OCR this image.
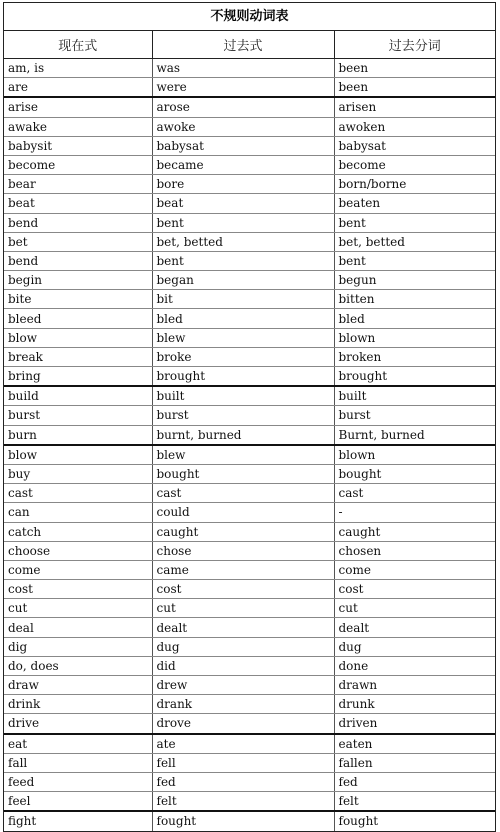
不规则动词表
现在式	过去式	过去分词
am, is	was	been
are	were	been
arise	arose	arisen
awake	awoke	awoken
babysit	babysat	babysat
become	became	become
bear	bore	born/borne
beat	beat	beaten
bend	bent	bent
bet	bet, betted	bet, betted
bend	bent	bent
begin	began	begun
bite	bit	bitten
bleed	bled	bled
blow	blew	blown
break	broke	broken
bring	brought	brought
build	built	built
burst	burst	burst
burn	burnt, burned	Burnt, burned
blow	blew	blown
buy	bought	bought
cast	cast	cast
can	could	-
catch	caught	caught
choose	chose	chosen
come	came	come
cost	cost	cost
cut	cut	cut
deal	dealt	dealt
dig	dug	dug
do, does	did	done
draw	drew	drawn
drink	drank	drunk
drive	drove	driven
eat	ate	eaten
fall	fell	fallen
feed	fed	fed
feel	felt	felt
fight	fought	fought
